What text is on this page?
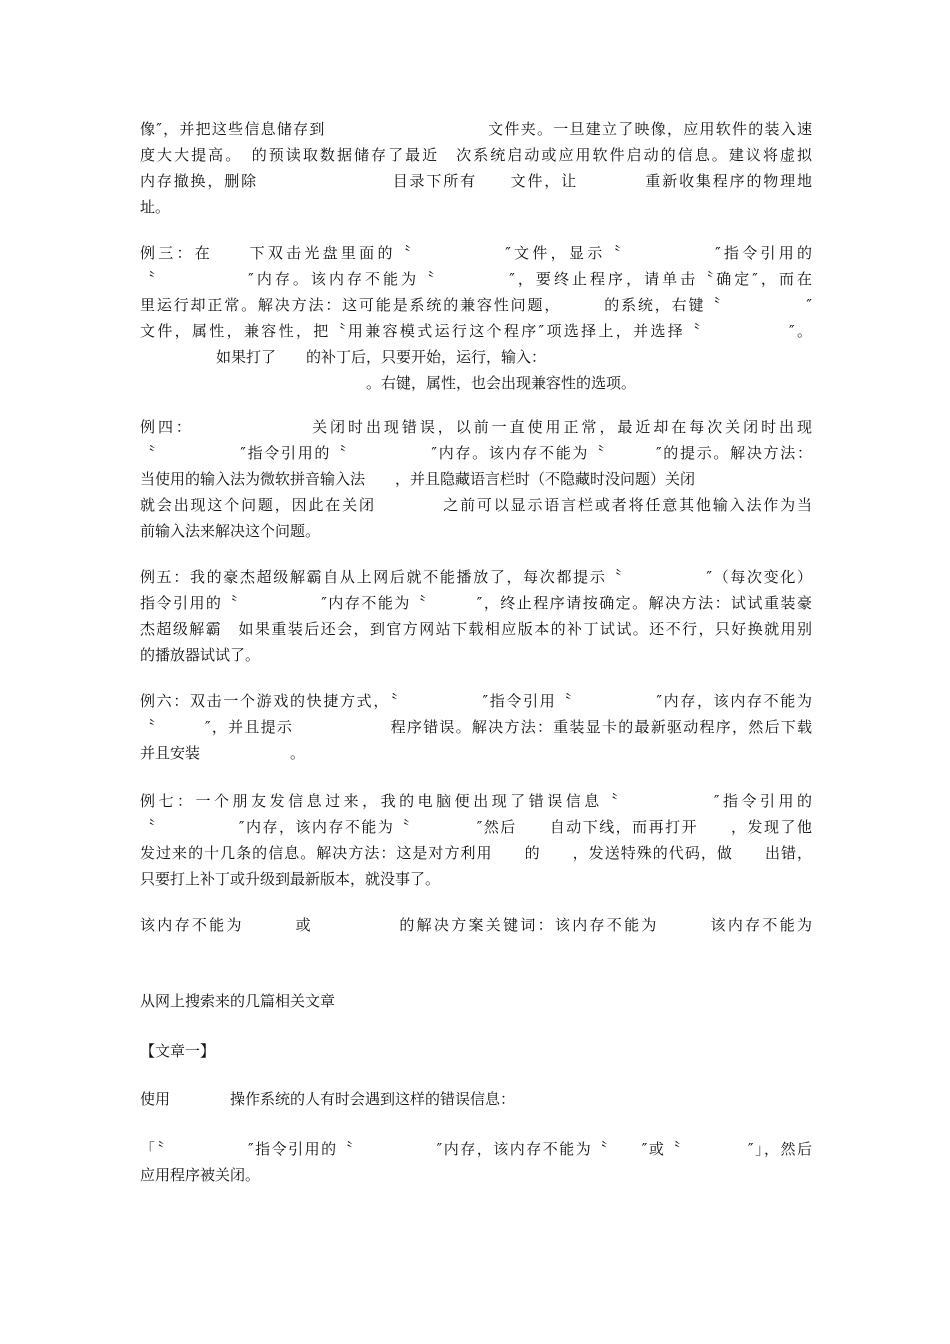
像″，并把这些信息储存到　　　　　　　　　　文件夹。一旦建立了映像，应用软件的装入速
度大大提高。　的预读取数据储存了最近　次系统启动或应用软件启动的信息。建议将虚拟
内存撤换，删除　　　　　　　　目录下所有　　文件，让　　　　重新收集程序的物理地
址。
例三：在　　下双击光盘里面的〝　　　　　″文件，显示〝　　　　　″指令引用的
〝　　　　　″内存。该内存不能为〝　　　　″，要终止程序，请单击〝确定″，而在
里运行却正常。解决方法：这可能是系统的兼容性问题，　　　的系统，右键〝　　　　　″
文件，属性，兼容性，把〝用兼容模式运行这个程序″项选择上，并选择〝　　　　　″。
如果打了　　的补丁后，只要开始，运行，输入：
。右键，属性，也会出现兼容性的选项。
例四：　　　　　　　关闭时出现错误，以前一直使用正常，最近却在每次关闭时出现
〝　　　　　″指令引用的〝　　　　　″内存。该内存不能为〝　　　″的提示。解决方法：
当使用的输入法为微软拼音输入法　　，并且隐藏语言栏时（不隐藏时没问题）关闭
就会出现这个问题，因此在关闭　　　　之前可以显示语言栏或者将任意其他输入法作为当
前输入法来解决这个问题。
例五：我的豪杰超级解霸自从上网后就不能播放了，每次都提示〝　　　　　″（每次变化）
指令引用的〝　　　　　″内存不能为〝　　　″，终止程序请按确定。解决方法：试试重装豪
杰超级解霸　如果重装后还会，到官方网站下载相应版本的补丁试试。还不行，只好换就用别
的播放器试试了。
例六：双击一个游戏的快捷方式，〝　　　　　″指令引用〝　　　　　″内存，该内存不能为
〝　　　″，并且提示　　　　　　程序错误。解决方法：重装显卡的最新驱动程序，然后下载
并且安装　　　　　　。
例七：一个朋友发信息过来，我的电脑便出现了错误信息〝　　　　　″指令引用的
〝　　　　　″内存，该内存不能为〝　　　　″然后　　自动下线，而再打开　　，发现了他
发过来的十几条的信息。解决方法：这是对方利用　　的　　，发送特殊的代码，做　　出错，
只要打上补丁或升级到最新版本，就没事了。
该内存不能为　　　或　　　　　的解决方案关键词：该内存不能为　　　该内存不能为
从网上搜索来的几篇相关文章
【文章一】
使用　　　　操作系统的人有时会遇到这样的错误信息：
「〝　　　　　″指令引用的〝　　　　　″内存，该内存不能为〝　　″或〝　　　　″」，然后
应用程序被关闭。
